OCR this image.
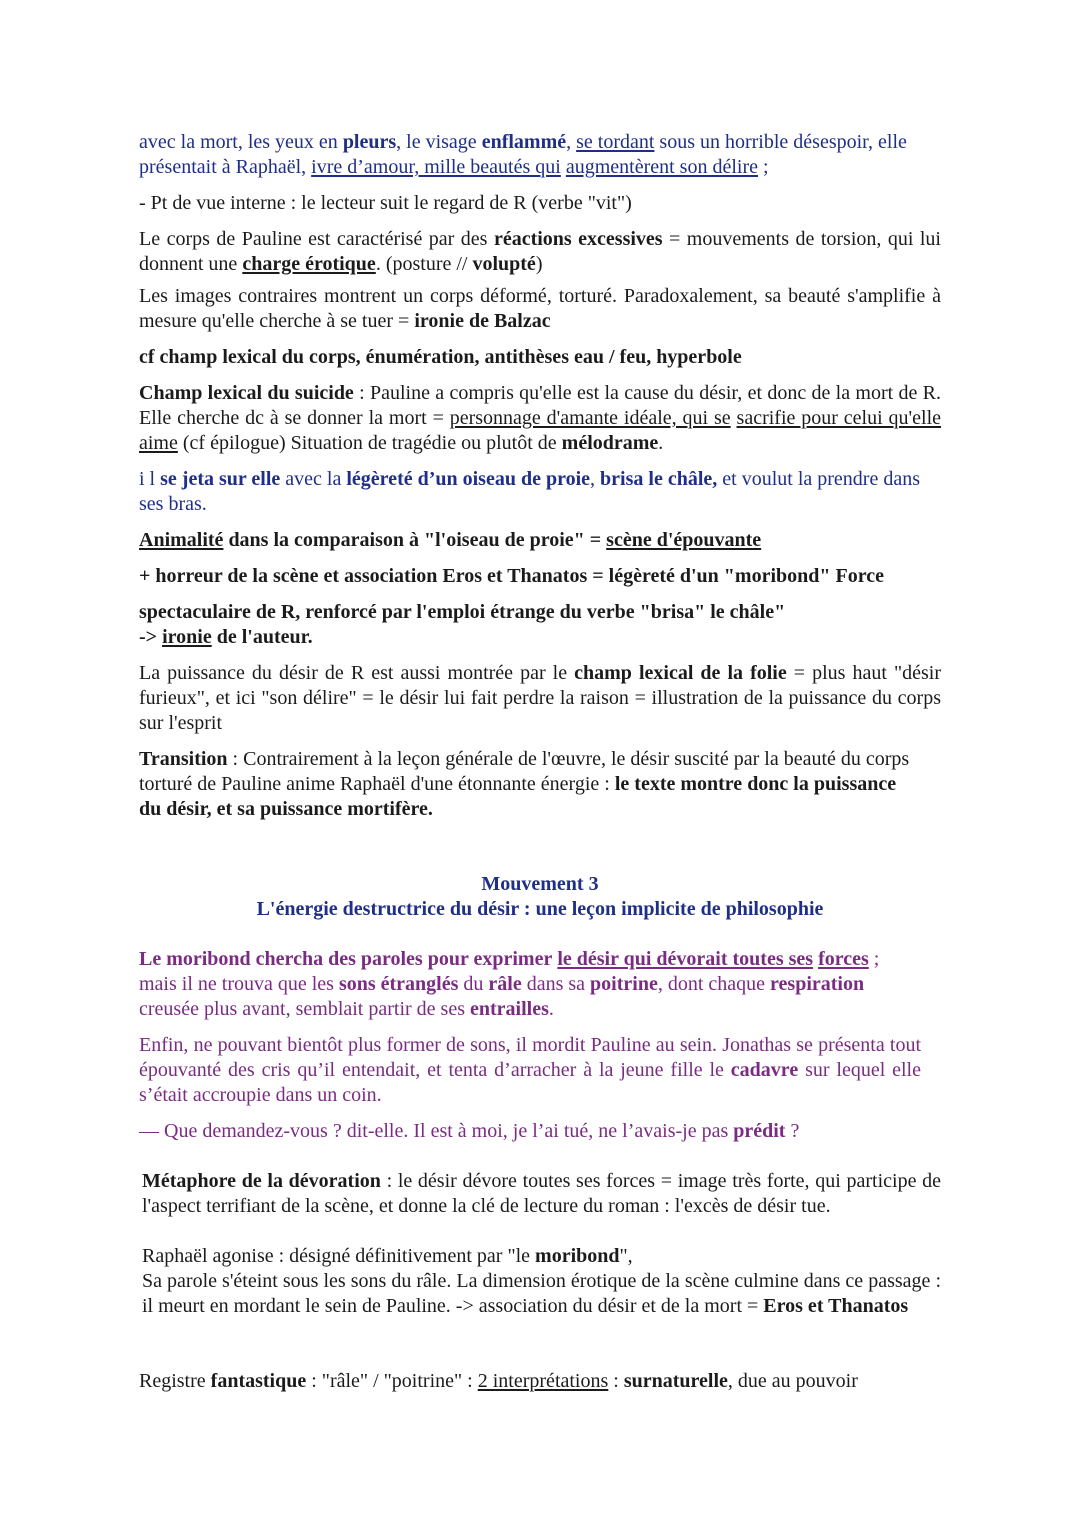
avec la mort, les yeux en pleurs, le visage enflammé, se tordant sous un horrible désespoir, elle présentait à Raphaël, ivre d’amour, mille beautés qui augmentèrent son délire ;

- Pt de vue interne : le lecteur suit le regard de R (verbe "vit")

Le corps de Pauline est caractérisé par des réactions excessives = mouvements de torsion, qui lui donnent une charge érotique. (posture // volupté)

Les images contraires montrent un corps déformé, torturé. Paradoxalement, sa beauté s'amplifie à mesure qu'elle cherche à se tuer = ironie de Balzac

cf champ lexical du corps, énumération, antithèses eau / feu, hyperbole

Champ lexical du suicide : Pauline a compris qu'elle est la cause du désir, et donc de la mort de R. Elle cherche dc à se donner la mort = personnage d'amante idéale, qui se sacrifie pour celui qu'elle aime (cf épilogue) Situation de tragédie ou plutôt de mélodrame.

i l se jeta sur elle avec la légèreté d’un oiseau de proie, brisa le châle, et voulut la prendre dans ses bras.

Animalité dans la comparaison à "l'oiseau de proie" = scène d'épouvante

+ horreur de la scène et association Eros et Thanatos = légèreté d'un "moribond" Force

spectaculaire de R, renforcé par l'emploi étrange du verbe "brisa" le châle"
-> ironie de l'auteur.

La puissance du désir de R est aussi montrée par le champ lexical de la folie = plus haut "désir furieux", et ici "son délire" = le désir lui fait perdre la raison = illustration de la puissance du corps sur l'esprit

Transition : Contrairement à la leçon générale de l'œuvre, le désir suscité par la beauté du corps torturé de Pauline anime Raphaël d'une étonnante énergie : le texte montre donc la puissance du désir, et sa puissance mortifère.

Mouvement 3
L'énergie destructrice du désir : une leçon implicite de philosophie

Le moribond chercha des paroles pour exprimer le désir qui dévorait toutes ses forces ; mais il ne trouva que les sons étranglés du râle dans sa poitrine, dont chaque respiration creusée plus avant, semblait partir de ses entrailles.

Enfin, ne pouvant bientôt plus former de sons, il mordit Pauline au sein. Jonathas se présenta tout épouvanté des cris qu’il entendait, et tenta d’arracher à la jeune fille le cadavre sur lequel elle s’était accroupie dans un coin.

— Que demandez-vous ? dit-elle. Il est à moi, je l’ai tué, ne l’avais-je pas prédit ?

Métaphore de la dévoration : le désir dévore toutes ses forces = image très forte, qui participe de l'aspect terrifiant de la scène, et donne la clé de lecture du roman : l'excès de désir tue.

Raphaël agonise : désigné définitivement par "le moribond",

Sa parole s'éteint sous les sons du râle. La dimension érotique de la scène culmine dans ce passage : il meurt en mordant le sein de Pauline. -> association du désir et de la mort = Eros et Thanatos

Registre fantastique : "râle" / "poitrine" : 2 interprétations : surnaturelle, due au pouvoir
